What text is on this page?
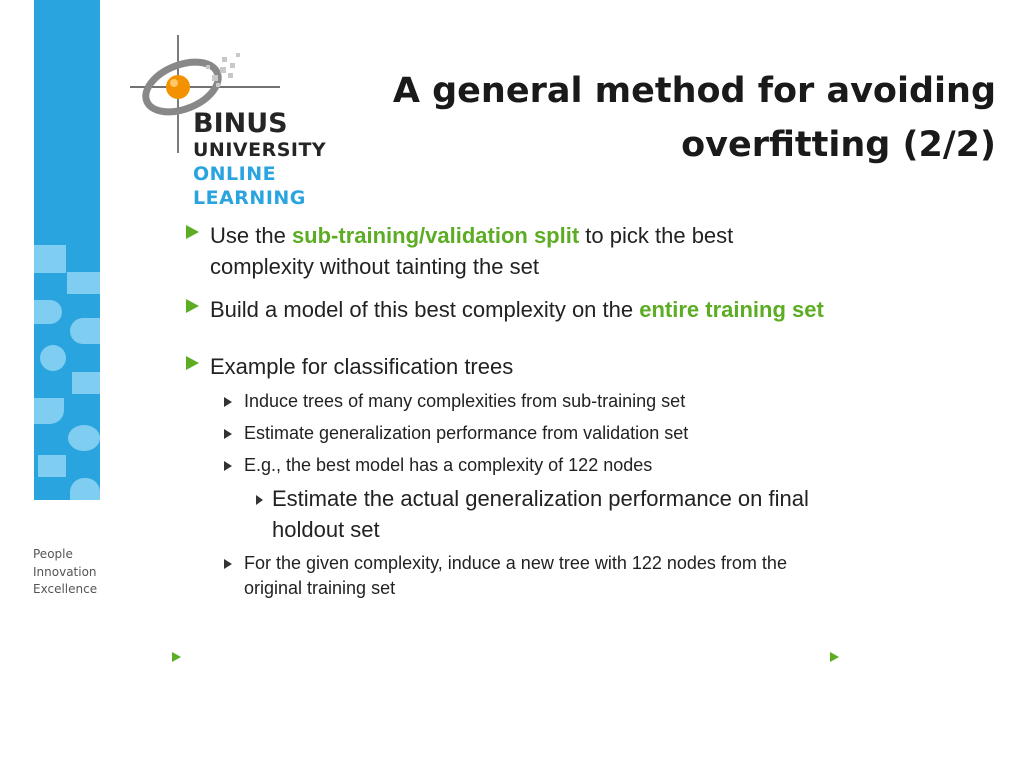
People
Innovation
Excellence
BINUS
UNIVERSITY
ONLINE
LEARNING
A general method for avoiding
overfitting (2/2)
Use the sub-training/validation split to pick the best complexity without tainting the set
Build a model of this best complexity on the entire training set
Example for classification trees
Induce trees of many complexities from sub-training set
Estimate generalization performance from validation set
E.g., the best model has a complexity of 122 nodes
Estimate the actual generalization performance on final holdout set
For the given complexity, induce a new tree with 122 nodes from the original training set
